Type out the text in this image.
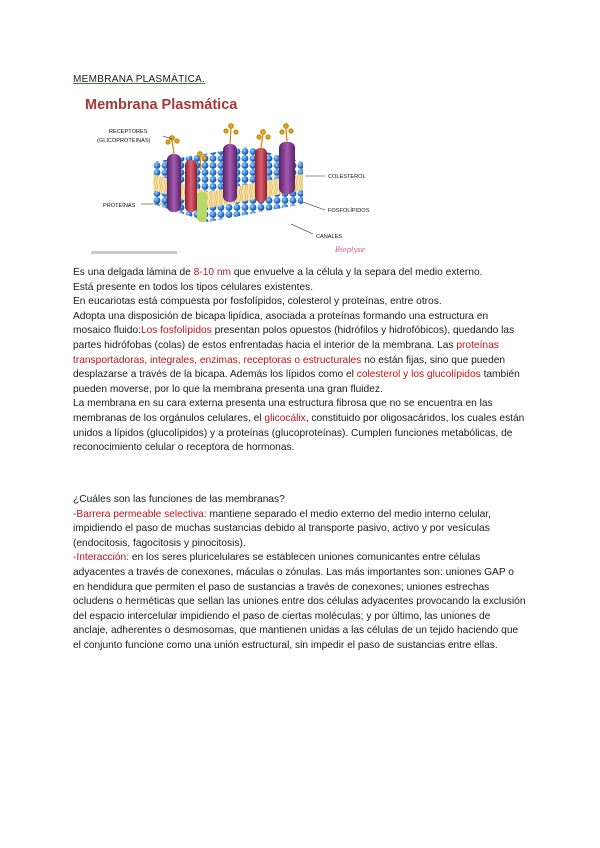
MEMBRANA PLASMÁTICA.
Membrana Plasmática
RECEPTORES
(GLICOPROTEINAS)
PROTEÍNAS
COLESTEROL
FOSFOLÍPIDOS
CANALES
Bioplyse

Es una delgada lámina de 8-10 nm que envuelve a la célula y la separa del medio externo.

Está presente en todos los tipos celulares existentes.

En eucariotas está compuesta por fosfolípidos, colesterol y proteínas, entre otros.

Adopta una disposición de bicapa lipídica, asociada a proteínas formando una estructura en mosaico fluido:Los fosfolípidos presentan polos opuestos (hidrófilos y hidrofóbicos), quedando las partes hidrófobas (colas) de estos enfrentadas hacia el interior de la membrana. Las proteínas transportadoras, integrales, enzimas, receptoras o estructurales no están fijas, sino que pueden desplazarse a través de la bicapa. Además los lípidos como el colesterol y los glucolípidos también pueden moverse, por lo que la membrana presenta una gran fluidez.

La membrana en su cara externa presenta una estructura fibrosa que no se encuentra en las membranas de los orgánulos celulares, el glicocálix, constituido por oligosacáridos, los cuales están unidos a lípidos (glucolípidos) y a proteínas (glucoproteínas). Cumplen funciones metabólicas, de reconocimiento celular o receptora de hormonas.

¿Cuáles son las funciones de las membranas?

-Barrera permeable selectiva: mantiene separado el medio externo del medio interno celular, impidiendo el paso de muchas sustancias debido al transporte pasivo, activo y por vesículas (endocitosis, fagocitosis y pinocitosis).

-Interacción: en los seres pluricelulares se establecen uniones comunicantes entre células adyacentes a través de conexones, máculas o zónulas. Las más importantes son: uniones GAP o en hendidura que permiten el paso de sustancias a través de conexones; uniones estrechas ocludens o herméticas que sellan las uniones entre dos células adyacentes provocando la exclusión del espacio intercelular impidiendo el paso de ciertas moléculas; y por último, las uniones de anclaje, adherentes o desmosomas, que mantienen unidas a las células de un tejido haciendo que el conjunto funcione como una unión estructural, sin impedir el paso de sustancias entre ellas.
